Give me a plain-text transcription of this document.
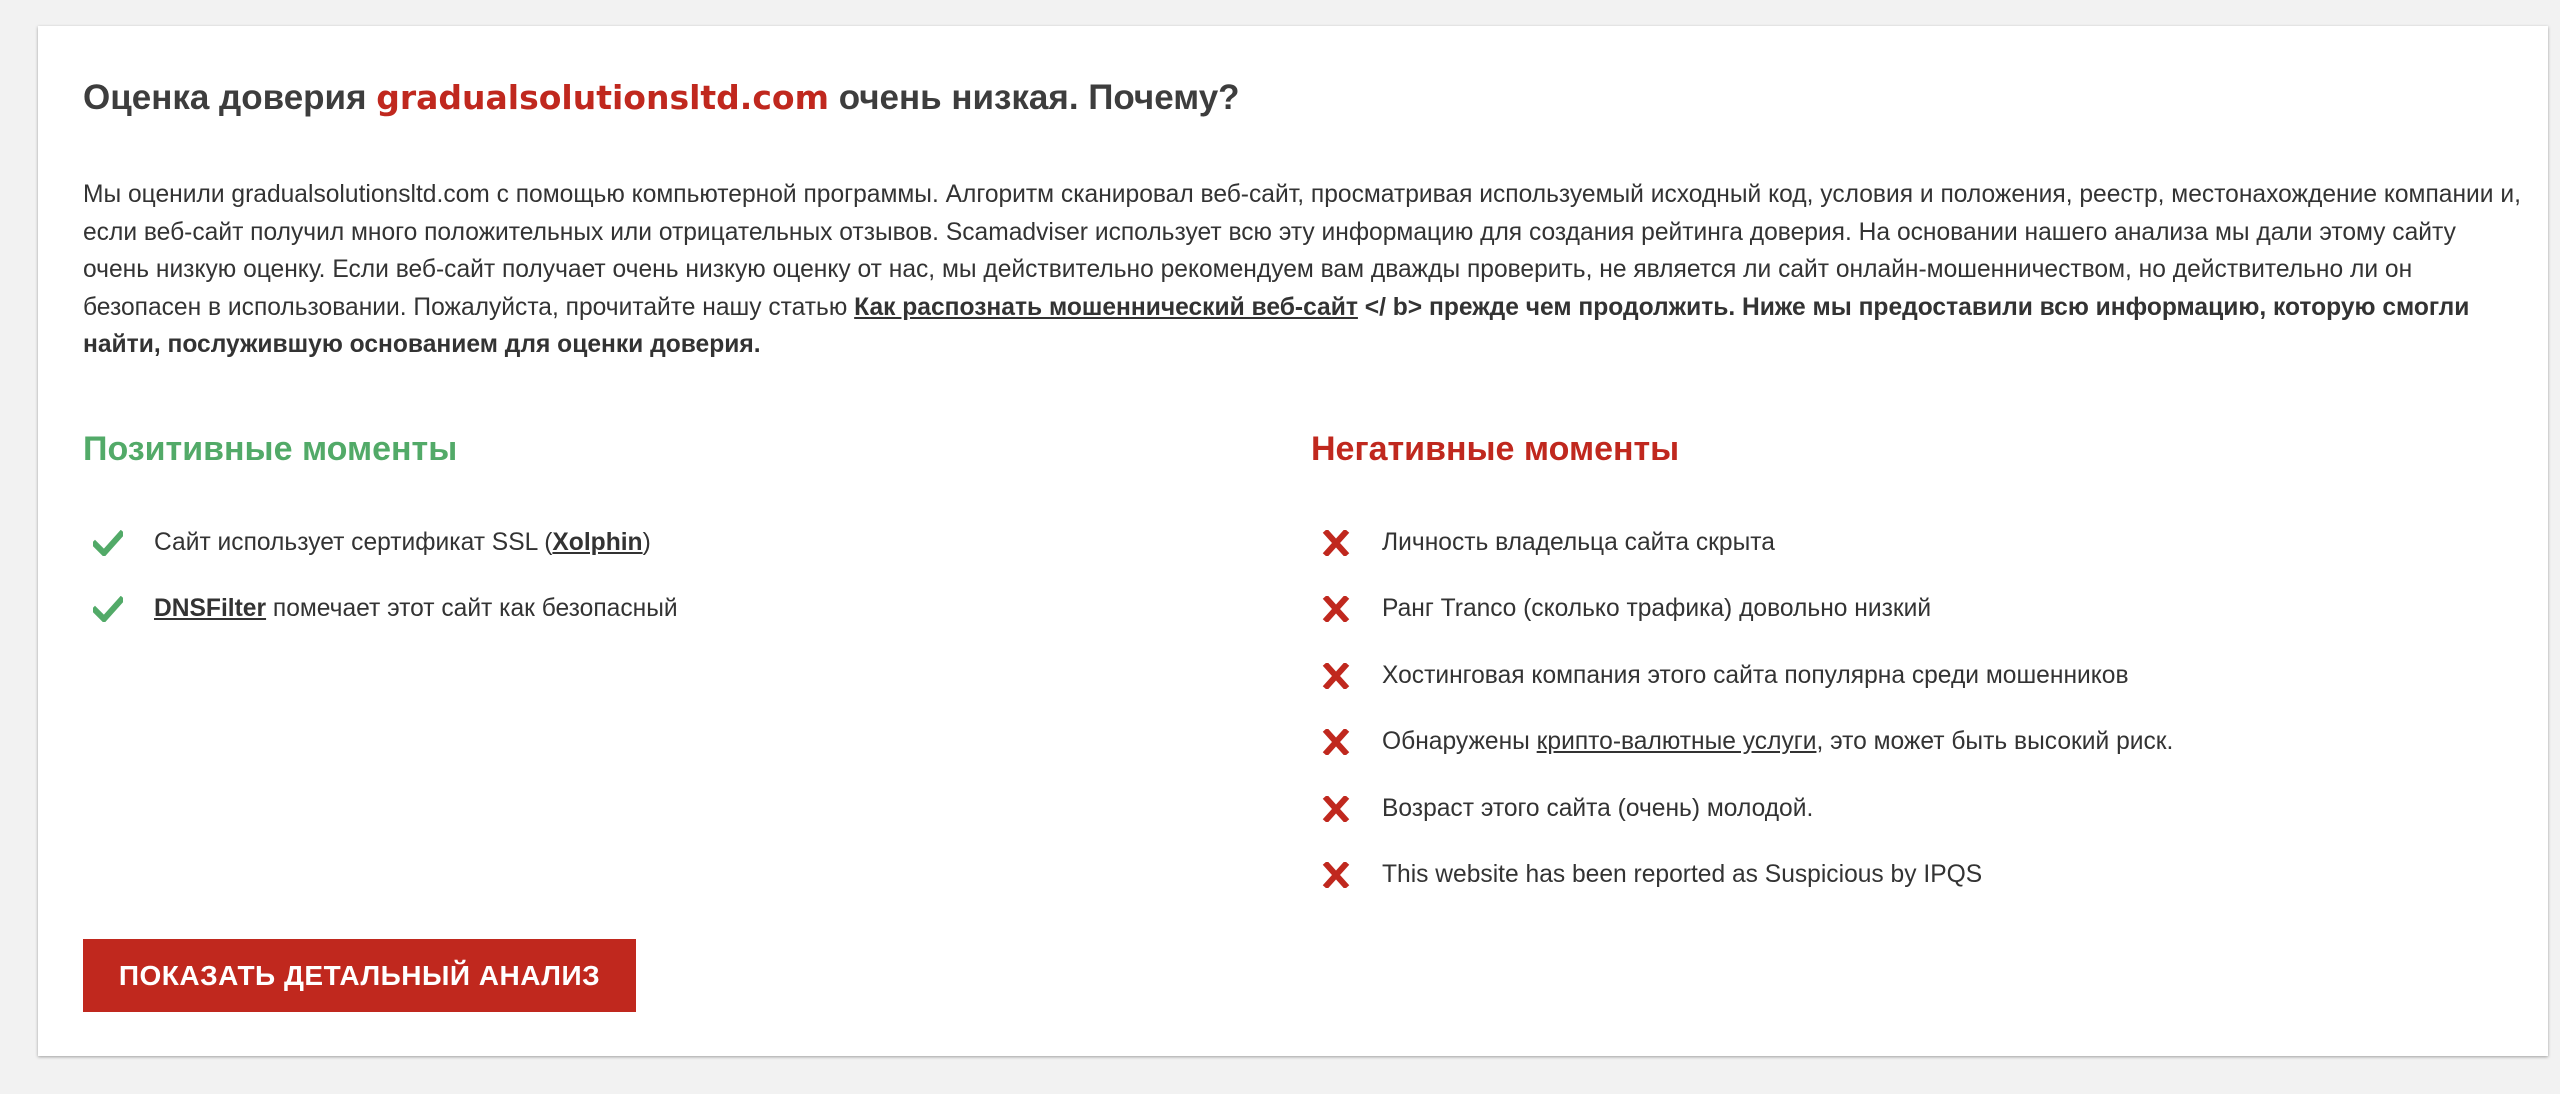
Оценка доверия gradualsolutionsltd.com очень низкая. Почему?

Мы оценили gradualsolutionsltd.com с помощью компьютерной программы. Алгоритм сканировал веб-сайт, просматривая используемый исходный код, условия и положения, реестр, местонахождение компании и, если веб-сайт получил много положительных или отрицательных отзывов. Scamadviser использует всю эту информацию для создания рейтинга доверия. На основании нашего анализа мы дали этому сайту очень низкую оценку. Если веб-сайт получает очень низкую оценку от нас, мы действительно рекомендуем вам дважды проверить, не является ли сайт онлайн-мошенничеством, но действительно ли он безопасен в использовании. Пожалуйста, прочитайте нашу статью Как распознать мошеннический веб-сайт </ b> прежде чем продолжить. Ниже мы предоставили всю информацию, которую смогли найти, послужившую основанием для оценки доверия.

Позитивные моменты
Сайт использует сертификат SSL (Xolphin)
DNSFilter помечает этот сайт как безопасный
Негативные моменты
Личность владельца сайта скрыта
Ранг Tranco (сколько трафика) довольно низкий
Хостинговая компания этого сайта популярна среди мошенников
Обнаружены крипто-валютные услуги, это может быть высокий риск.
Возраст этого сайта (очень) молодой.
This website has been reported as Suspicious by IPQS
ПОКАЗАТЬ ДЕТАЛЬНЫЙ АНАЛИЗ
